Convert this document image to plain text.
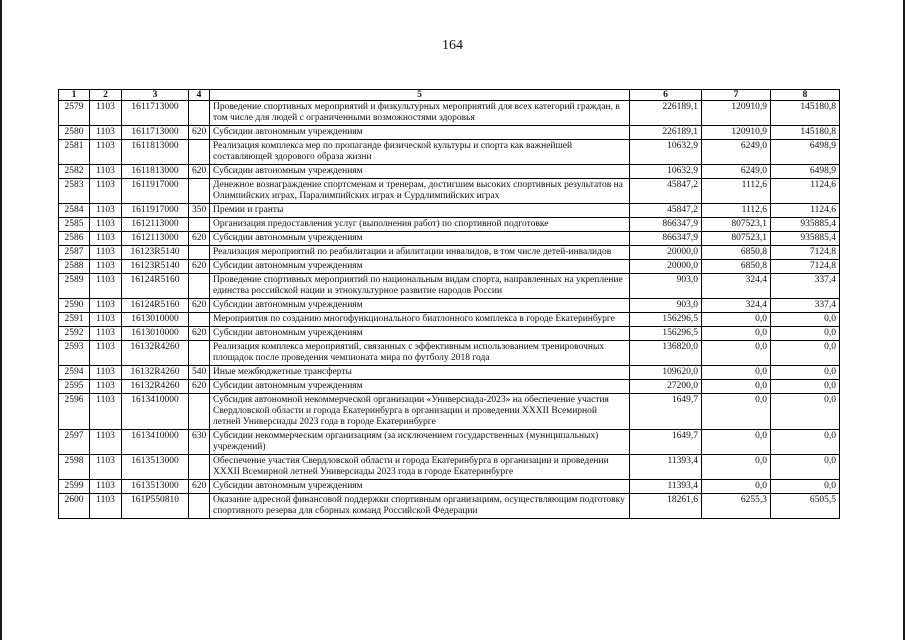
164
1	2	3	4	5	6	7	8
2579	1103	1611713000		Проведение спортивных мероприятий и физкультурных мероприятий для всех категорий граждан, в том числе для людей с ограниченными возможностями здоровья	226189,1	120910,9	145180,8
2580	1103	1611713000	620	Субсидии автономным учреждениям	226189,1	120910,9	145180,8
2581	1103	1611813000		Реализация комплекса мер по пропаганде физической культуры и спорта как важнейшей составляющей здорового образа жизни	10632,9	6249,0	6498,9
2582	1103	1611813000	620	Субсидии автономным учреждениям	10632,9	6249,0	6498,9
2583	1103	1611917000		Денежное вознаграждение спортсменам и тренерам, достигшим высоких спортивных результатов на Олимпийских играх, Паралимпийских играх и Сурдлимпийских играх	45847,2	1112,6	1124,6
2584	1103	1611917000	350	Премии и гранты	45847,2	1112,6	1124,6
2585	1103	1612113000		Организация предоставления услуг (выполнения работ) по спортивной подготовке	866347,9	807523,1	935885,4
2586	1103	1612113000	620	Субсидии автономным учреждениям	866347,9	807523,1	935885,4
2587	1103	16123R5140		Реализация мероприятий по реабилитации и абилитации инвалидов, в том числе детей-инвалидов	20000,0	6850,8	7124,8
2588	1103	16123R5140	620	Субсидии автономным учреждениям	20000,0	6850,8	7124,8
2589	1103	16124R5160		Проведение спортивных мероприятий по национальным видам спорта, направленных на укрепление единства российской нации и этнокультурное развитие народов России	903,0	324,4	337,4
2590	1103	16124R5160	620	Субсидии автономным учреждениям	903,0	324,4	337,4
2591	1103	1613010000		Мероприятия по созданию многофункционального биатлонного комплекса в городе Екатеринбурге	156296,5	0,0	0,0
2592	1103	1613010000	620	Субсидии автономным учреждениям	156296,5	0,0	0,0
2593	1103	16132R4260		Реализация комплекса мероприятий, связанных с эффективным использованием тренировочных площадок после проведения чемпионата мира по футболу 2018 года	136820,0	0,0	0,0
2594	1103	16132R4260	540	Иные межбюджетные трансферты	109620,0	0,0	0,0
2595	1103	16132R4260	620	Субсидии автономным учреждениям	27200,0	0,0	0,0
2596	1103	1613410000		Субсидия автономной некоммерческой организации «Универсиада-2023» на обеспечение участия Свердловской области и города Екатеринбурга в организации и проведении XXXII Всемирной летней Универсиады 2023 года в городе Екатеринбурге	1649,7	0,0	0,0
2597	1103	1613410000	630	Субсидии некоммерческим организациям (за исключением государственных (муниципальных) учреждений)	1649,7	0,0	0,0
2598	1103	1613513000		Обеспечение участия Свердловской области и города Екатеринбурга в организации и проведении XXXII Всемирной летней Универсиады 2023 года в городе Екатеринбурге	11393,4	0,0	0,0
2599	1103	1613513000	620	Субсидии автономным учреждениям	11393,4	0,0	0,0
2600	1103	161P550810		Оказание адресной финансовой поддержки спортивным организациям, осуществляющим подготовку спортивного резерва для сборных команд Российской Федерации	18261,6	6255,3	6505,5
